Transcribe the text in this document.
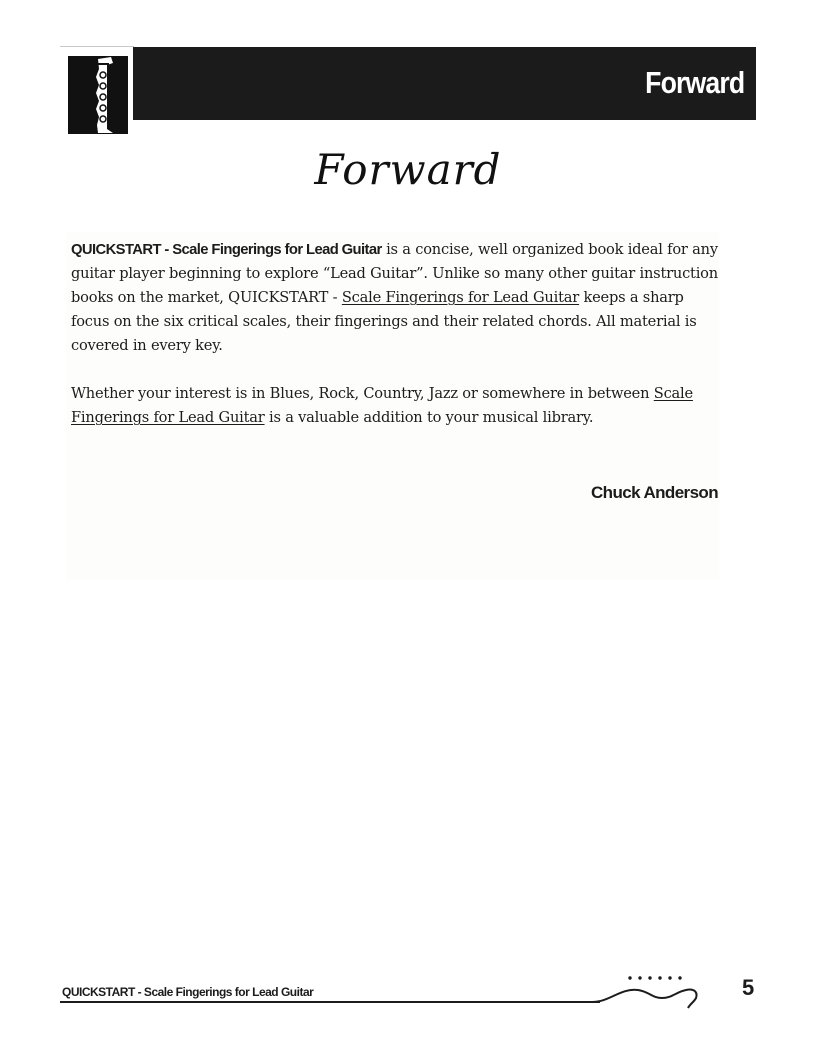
Forward
Forward

QUICKSTART - Scale Fingerings for Lead Guitar is a concise, well organized book ideal for any guitar player beginning to explore “Lead Guitar”. Unlike so many other guitar instruction books on the market, QUICKSTART - Scale Fingerings for Lead Guitar keeps a sharp focus on the six critical scales, their fingerings and their related chords. All material is covered in every key.

Whether your interest is in Blues, Rock, Country, Jazz or somewhere in between Scale Fingerings for Lead Guitar is a valuable addition to your musical library.

Chuck Anderson
QUICKSTART - Scale Fingerings for Lead Guitar	5
